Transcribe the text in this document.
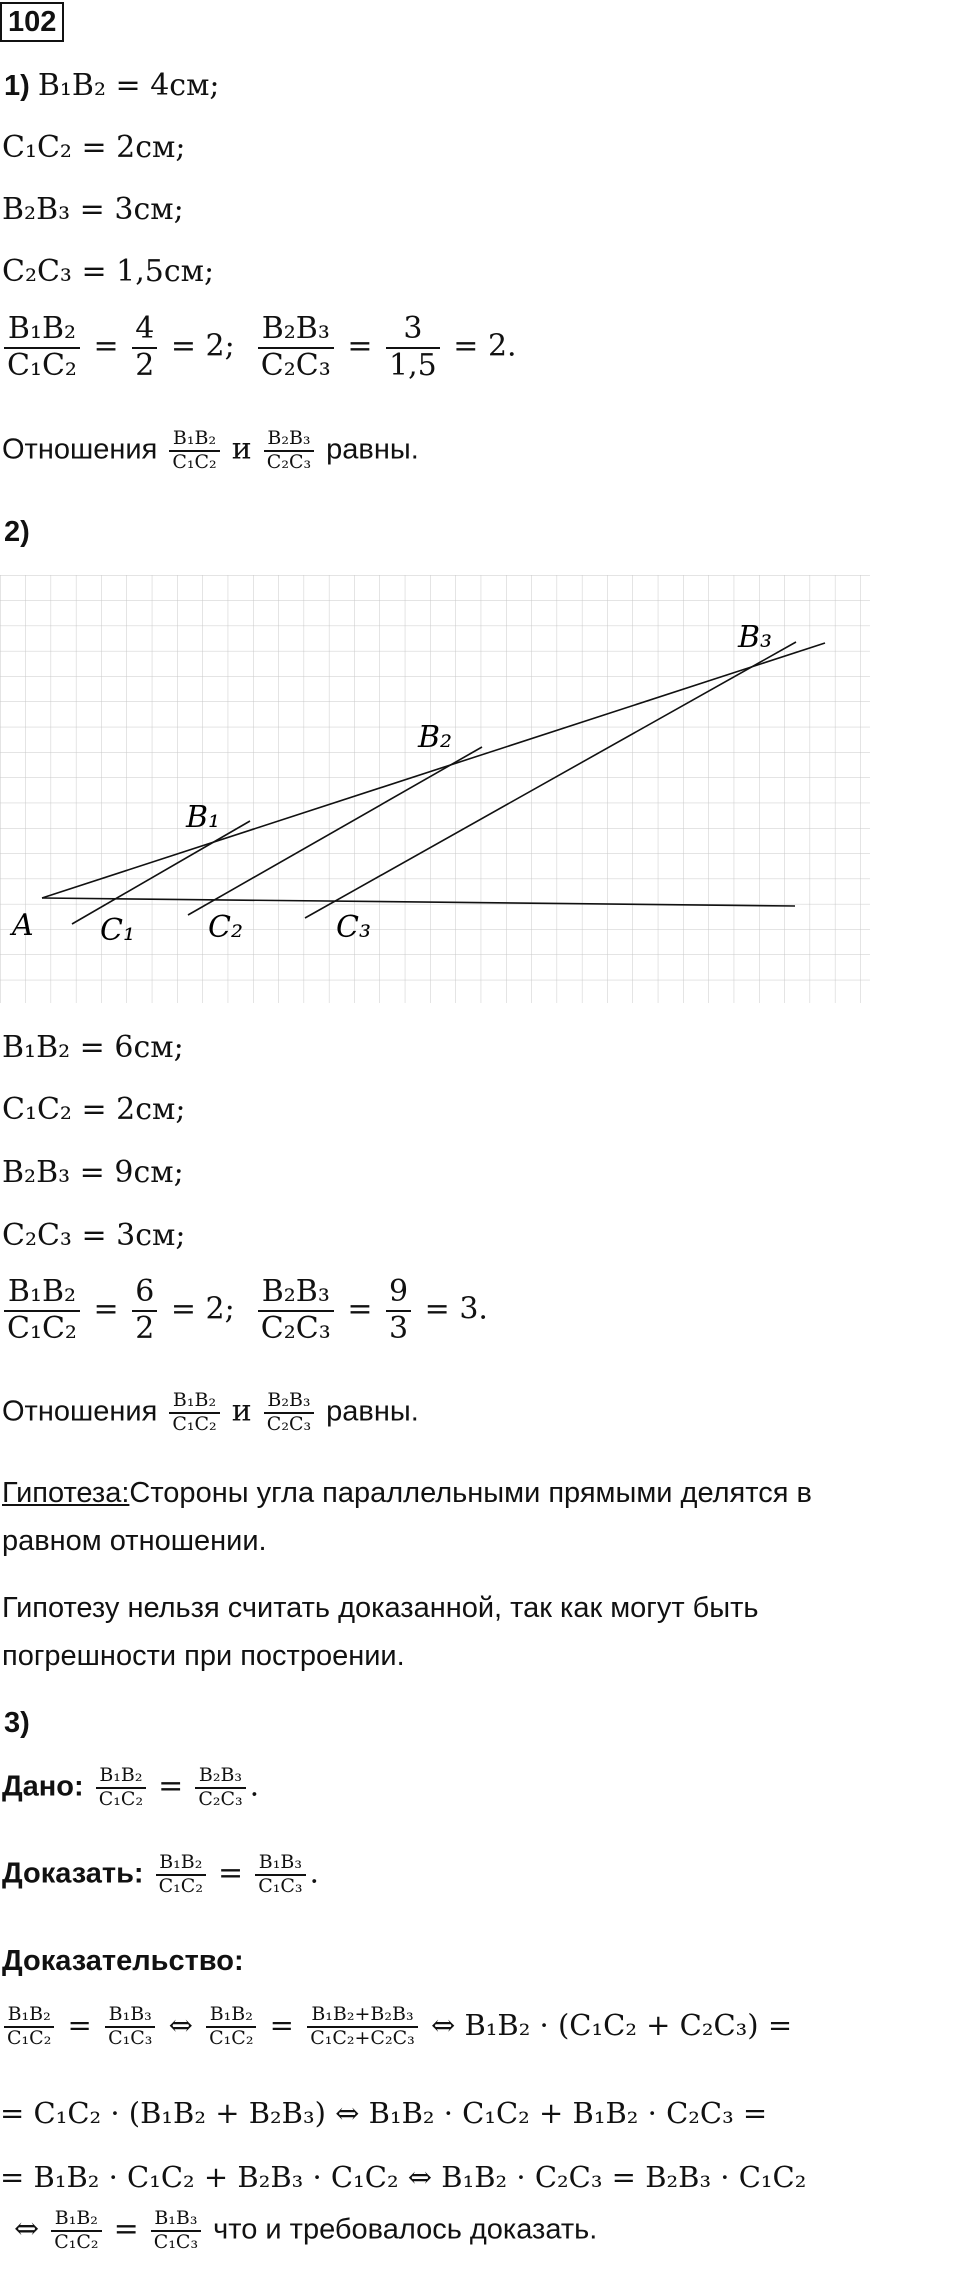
102
1) B₁B₂ = 4см;
C₁C₂ = 2см;
B₂B₃ = 3см;
C₂C₃ = 1,5см;
$\frac{\text{B₁B₂}}{\text{C₁C₂}} = \frac{4}{2} = 2$; $\frac{\text{B₂B₃}}{\text{C₂C₃}} = \frac{3}{1,5} = 2$.
Отношения $\frac{\text{B₁B₂}}{\text{C₁C₂}}$ и $\frac{\text{B₂B₃}}{\text{C₂C₃}}$ равны.
2)
A
B₁
B₂
B₃
C₁ C₂	C₃
B₁B₂ = 6см;
C₁C₂ = 2см;
B₂B₃ = 9см;
C₂C₃ = 3см;
$\frac{\text{B₁B₂}}{\text{C₁C₂}} = \frac{6}{2} = 2$; $\frac{\text{B₂B₃}}{\text{C₂C₃}} = \frac{9}{3} = 3$.
Отношения $\frac{\text{B₁B₂}}{\text{C₁C₂}}$ и $\frac{\text{B₂B₃}}{\text{C₂C₃}}$ равны.
Гипотеза:Стороны угла параллельными прямыми делятся в
равном отношении.
Гипотезу нельзя считать доказанной, так как могут быть
погрешности при построении.
3)
Дано: $\frac{\text{B₁B₂}}{\text{C₁C₂}} = \frac{\text{B₂B₃}}{\text{C₂C₃}}$ .
Доказать: $\frac{\text{B₁B₂}}{\text{C₁C₂}} = \frac{\text{B₁B₃}}{\text{C₁C₃}}$ .
Доказательство:
$\frac{\text{B₁B₂}}{\text{C₁C₂}} = \frac{\text{B₁B₃}}{\text{C₁C₃}}$ ⇔ $\frac{\text{B₁B₂}}{\text{C₁C₂}} = \frac{\text{B₁B₂+B₂B₃}}{\text{C₁C₂+C₂C₃}}$ ⇔ B₁B₂ · (C₁C₂ + C₂C₃) =
= C₁C₂ · (B₁B₂ + B₂B₃) ⇔ B₁B₂ · C₁C₂ + B₁B₂ · C₂C₃ =
= B₁B₂ · C₁C₂ + B₂B₃ · C₁C₂ ⇔ B₁B₂ · C₂C₃ = B₂B₃ · C₁C₂
⇔ $\frac{\text{B₁B₂}}{\text{C₁C₂}} = \frac{\text{B₁B₃}}{\text{C₁C₃}}$ что и требовалось доказать.
